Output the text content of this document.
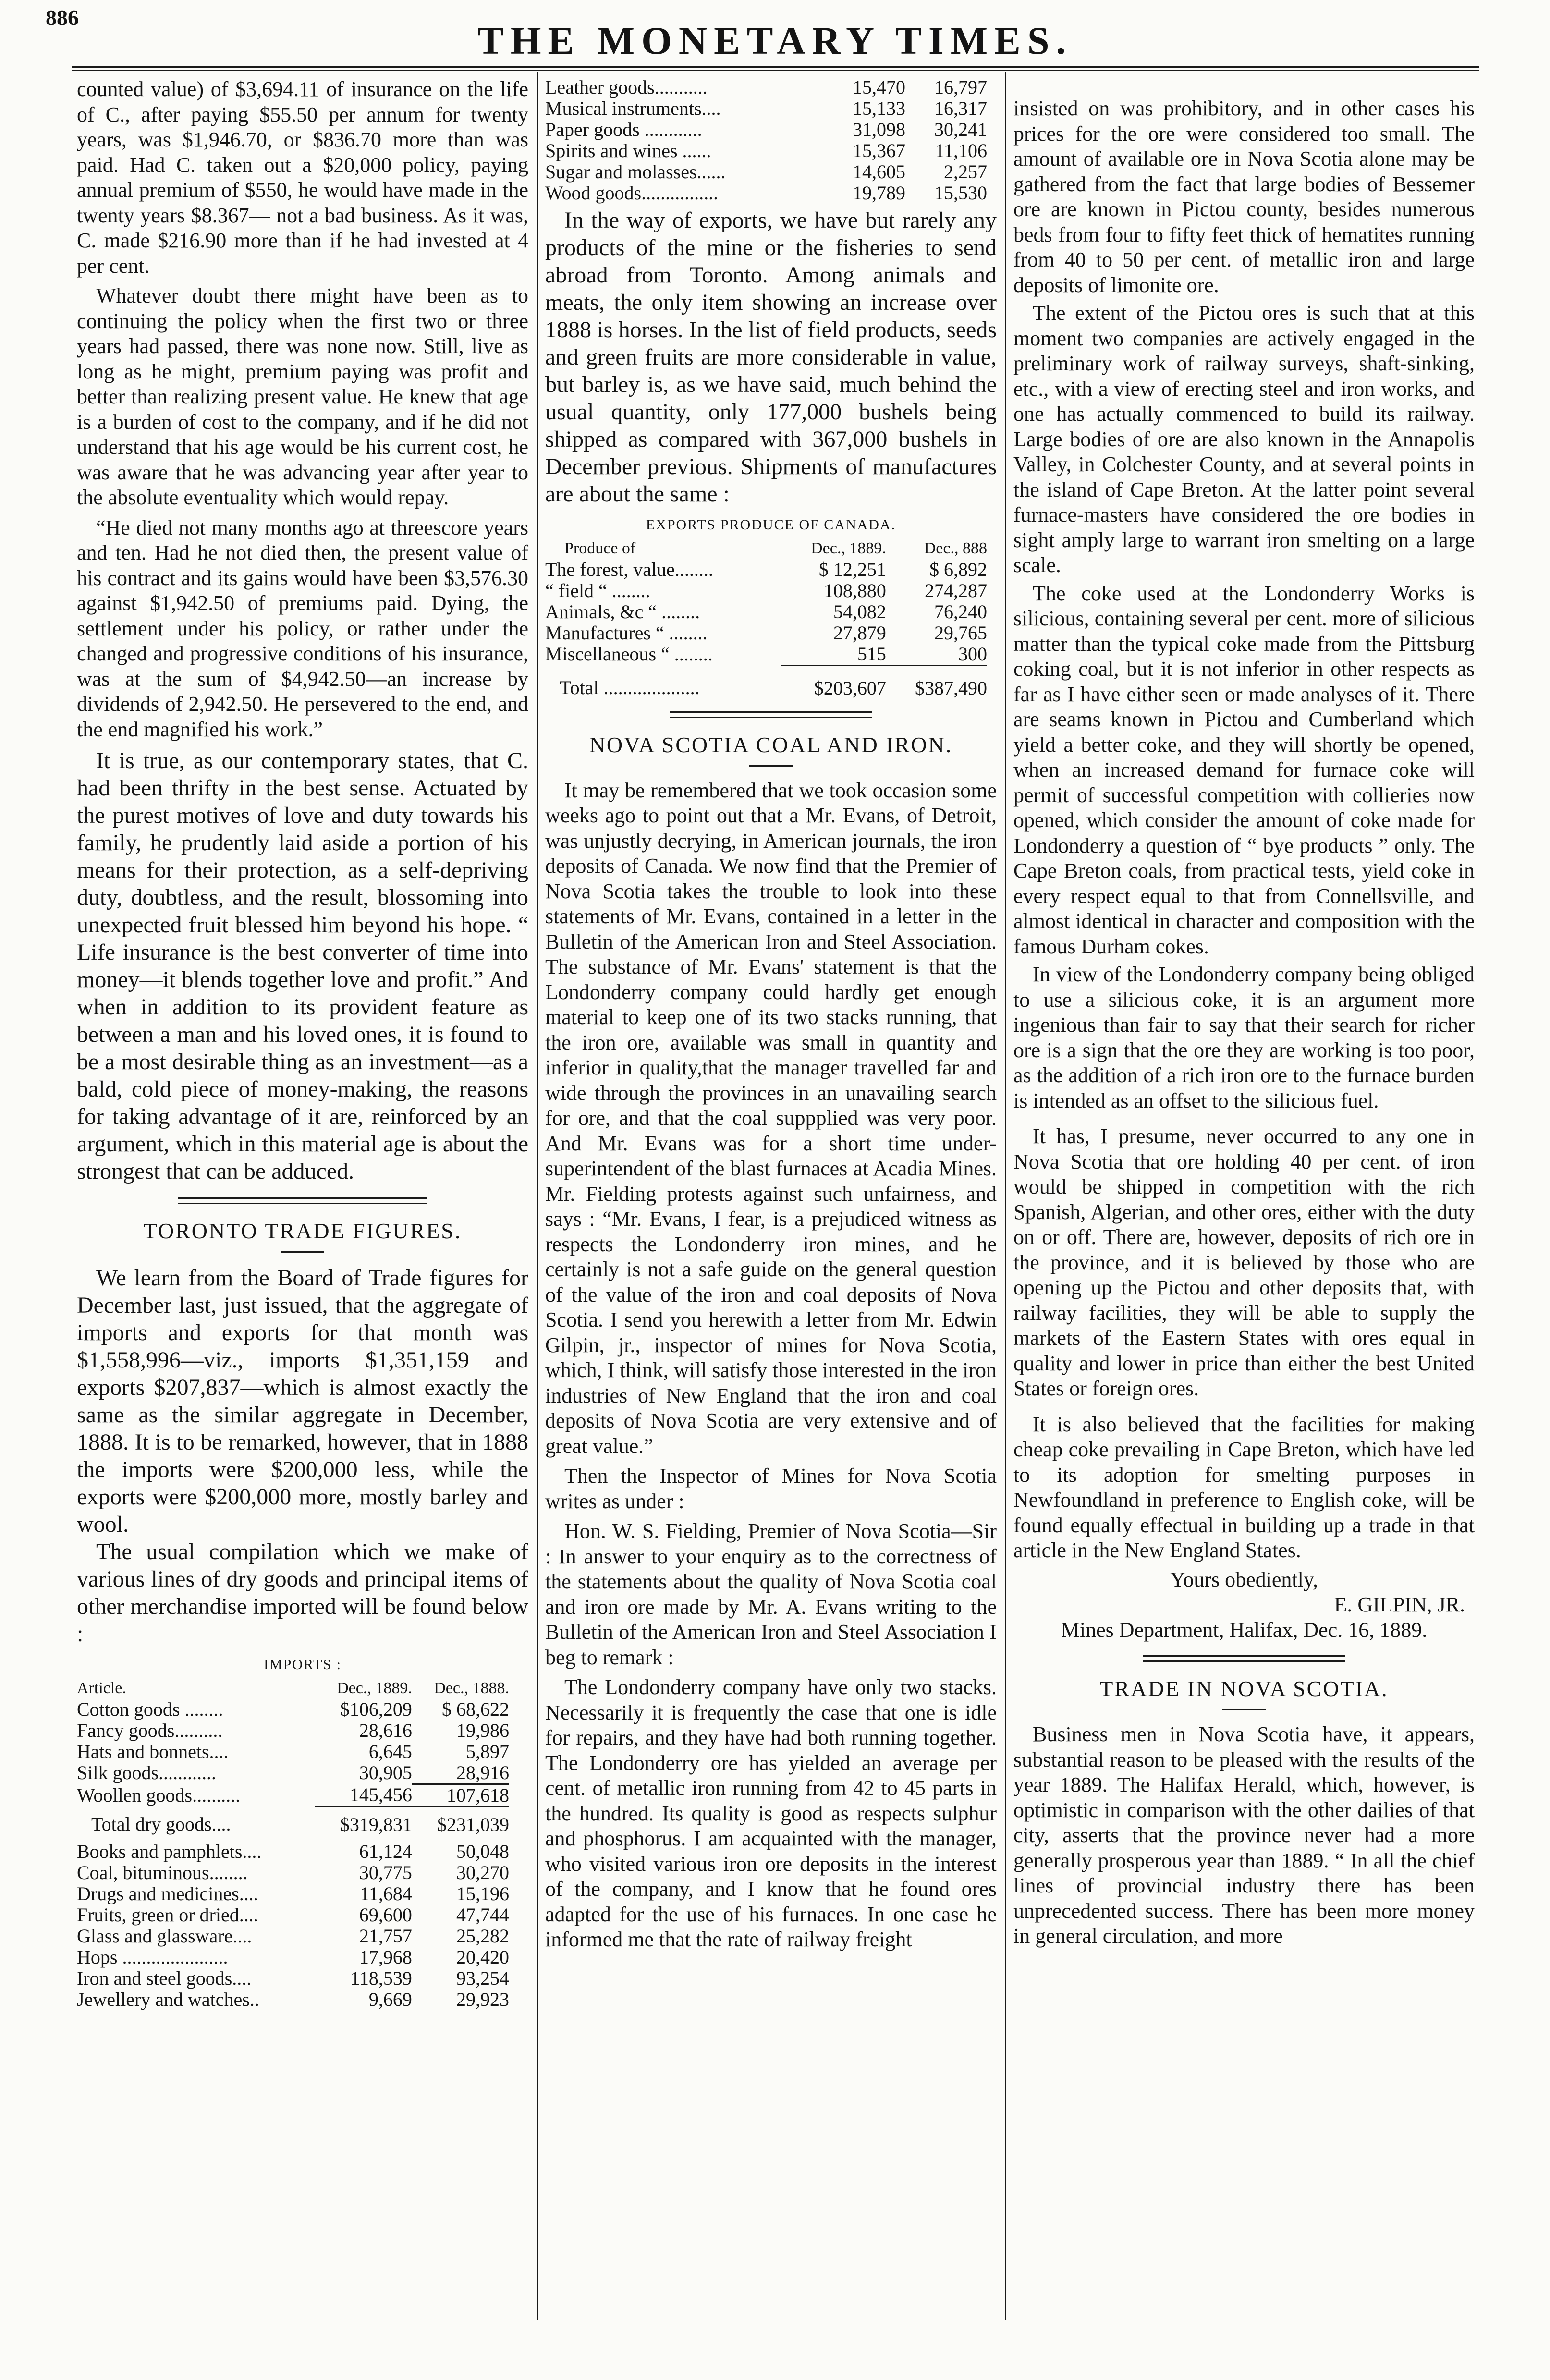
886
THE MONETARY TIMES.

counted value) of $3,694.11 of insurance on the life of C., after paying $55.50 per annum for twenty years, was $1,946.70, or $836.70 more than was paid. Had C. taken out a $20,000 policy, paying annual premium of $550, he would have made in the twenty years $8.367— not a bad business. As it was, C. made $216.90 more than if he had invested at 4 per cent.

Whatever doubt there might have been as to continuing the policy when the first two or three years had passed, there was none now. Still, live as long as he might, premium paying was profit and better than realizing present value. He knew that age is a burden of cost to the company, and if he did not understand that his age would be his current cost, he was aware that he was advancing year after year to the absolute eventuality which would repay.

“He died not many months ago at threescore years and ten. Had he not died then, the present value of his contract and its gains would have been $3,576.30 against $1,942.50 of premiums paid. Dying, the settlement under his policy, or rather under the changed and progressive conditions of his insurance, was at the sum of $4,942.50—an increase by dividends of 2,942.50. He persevered to the end, and the end magnified his work.”

It is true, as our contemporary states, that C. had been thrifty in the best sense. Actuated by the purest motives of love and duty towards his family, he prudently laid aside a portion of his means for their protection, as a self-depriving duty, doubtless, and the result, blossoming into unexpected fruit blessed him beyond his hope. “ Life insurance is the best converter of time into money—it blends together love and profit.” And when in addition to its provident feature as between a man and his loved ones, it is found to be a most desirable thing as an investment—as a bald, cold piece of money-making, the reasons for taking advantage of it are, reinforced by an argument, which in this material age is about the strongest that can be adduced.

TORONTO TRADE FIGURES.

We learn from the Board of Trade figures for December last, just issued, that the aggregate of imports and exports for that month was $1,558,996—viz., imports $1,351,159 and exports $207,837—which is almost exactly the same as the similar aggregate in December, 1888. It is to be remarked, however, that in 1888 the imports were $200,000 less, while the exports were $200,000 more, mostly barley and wool.

The usual compilation which we make of various lines of dry goods and principal items of other merchandise imported will be found below :

IMPORTS :
Article.	Dec., 1889.	Dec., 1888.
Cotton goods ........	$106,209	$ 68,622
Fancy goods..........	28,616	19,986
Hats and bonnets....	6,645	5,897
Silk goods............	30,905	28,916
Woollen goods..........	145,456	107,618
Total dry goods....	$319,831	$231,039
Books and pamphlets....	61,124	50,048
Coal, bituminous........	30,775	30,270
Drugs and medicines....	11,684	15,196
Fruits, green or dried....	69,600	47,744
Glass and glassware....	21,757	25,282
Hops ......................	17,968	20,420
Iron and steel goods....	118,539	93,254
Jewellery and watches..	9,669	29,923
Leather goods...........	15,470	16,797
Musical instruments....	15,133	16,317
Paper goods ............	31,098	30,241
Spirits and wines ......	15,367	11,106
Sugar and molasses......	14,605	2,257
Wood goods................	19,789	15,530

In the way of exports, we have but rarely any products of the mine or the fisheries to send abroad from Toronto. Among animals and meats, the only item showing an increase over 1888 is horses. In the list of field products, seeds and green fruits are more considerable in value, but barley is, as we have said, much behind the usual quantity, only 177,000 bushels being shipped as compared with 367,000 bushels in December previous. Shipments of manufactures are about the same :

EXPORTS PRODUCE OF CANADA.
Produce of	Dec., 1889.	Dec., 888
The forest, value........	$ 12,251	$ 6,892
“ field “ ........	108,880	274,287
Animals, &c “ ........	54,082	76,240
Manufactures “ ........	27,879	29,765
Miscellaneous “ ........	515	300
Total ....................	$203,607	$387,490
NOVA SCOTIA COAL AND IRON.

It may be remembered that we took occasion some weeks ago to point out that a Mr. Evans, of Detroit, was unjustly decrying, in American journals, the iron deposits of Canada. We now find that the Premier of Nova Scotia takes the trouble to look into these statements of Mr. Evans, contained in a letter in the Bulletin of the American Iron and Steel Association. The substance of Mr. Evans' statement is that the Londonderry company could hardly get enough material to keep one of its two stacks running, that the iron ore, available was small in quantity and inferior in quality,that the manager travelled far and wide through the provinces in an unavailing search for ore, and that the coal suppplied was very poor. And Mr. Evans was for a short time under-superintendent of the blast furnaces at Acadia Mines. Mr. Fielding protests against such unfairness, and says : “Mr. Evans, I fear, is a prejudiced witness as respects the Londonderry iron mines, and he certainly is not a safe guide on the general question of the value of the iron and coal deposits of Nova Scotia. I send you herewith a letter from Mr. Edwin Gilpin, jr., inspector of mines for Nova Scotia, which, I think, will satisfy those interested in the iron industries of New England that the iron and coal deposits of Nova Scotia are very extensive and of great value.”

Then the Inspector of Mines for Nova Scotia writes as under :

Hon. W. S. Fielding, Premier of Nova Scotia—Sir : In answer to your enquiry as to the correctness of the statements about the quality of Nova Scotia coal and iron ore made by Mr. A. Evans writing to the Bulletin of the American Iron and Steel Association I beg to remark :

The Londonderry company have only two stacks. Necessarily it is frequently the case that one is idle for repairs, and they have had both running together. The Londonderry ore has yielded an average per cent. of metallic iron running from 42 to 45 parts in the hundred. Its quality is good as respects sulphur and phosphorus. I am acquainted with the manager, who visited various iron ore deposits in the interest of the company, and I know that he found ores adapted for the use of his furnaces. In one case he informed me that the rate of railway freight

insisted on was prohibitory, and in other cases his prices for the ore were considered too small. The amount of available ore in Nova Scotia alone may be gathered from the fact that large bodies of Bessemer ore are known in Pictou county, besides numerous beds from four to fifty feet thick of hematites running from 40 to 50 per cent. of metallic iron and large deposits of limonite ore.

The extent of the Pictou ores is such that at this moment two companies are actively engaged in the preliminary work of railway surveys, shaft-sinking, etc., with a view of erecting steel and iron works, and one has actually commenced to build its railway. Large bodies of ore are also known in the Annapolis Valley, in Colchester County, and at several points in the island of Cape Breton. At the latter point several furnace-masters have considered the ore bodies in sight amply large to warrant iron smelting on a large scale.

The coke used at the Londonderry Works is silicious, containing several per cent. more of silicious matter than the typical coke made from the Pittsburg coking coal, but it is not inferior in other respects as far as I have either seen or made analyses of it. There are seams known in Pictou and Cumberland which yield a better coke, and they will shortly be opened, when an increased demand for furnace coke will permit of successful competition with collieries now opened, which consider the amount of coke made for Londonderry a question of “ bye products ” only. The Cape Breton coals, from practical tests, yield coke in every respect equal to that from Connellsville, and almost identical in character and composition with the famous Durham cokes.

In view of the Londonderry company being obliged to use a silicious coke, it is an argument more ingenious than fair to say that their search for richer ore is a sign that the ore they are working is too poor, as the addition of a rich iron ore to the furnace burden is intended as an offset to the silicious fuel.

It has, I presume, never occurred to any one in Nova Scotia that ore holding 40 per cent. of iron would be shipped in competition with the rich Spanish, Algerian, and other ores, either with the duty on or off. There are, however, deposits of rich ore in the province, and it is believed by those who are opening up the Pictou and other deposits that, with railway facilities, they will be able to supply the markets of the Eastern States with ores equal in quality and lower in price than either the best United States or foreign ores.

It is also believed that the facilities for making cheap coke prevailing in Cape Breton, which have led to its adoption for smelting purposes in Newfoundland in preference to English coke, will be found equally effectual in building up a trade in that article in the New England States.

Yours obediently,
E. GILPIN, JR.
Mines Department, Halifax, Dec. 16, 1889.
TRADE IN NOVA SCOTIA.

Business men in Nova Scotia have, it appears, substantial reason to be pleased with the results of the year 1889. The Halifax Herald, which, however, is optimistic in comparison with the other dailies of that city, asserts that the province never had a more generally prosperous year than 1889. “ In all the chief lines of provincial industry there has been unprecedented success. There has been more money in general circulation, and more
